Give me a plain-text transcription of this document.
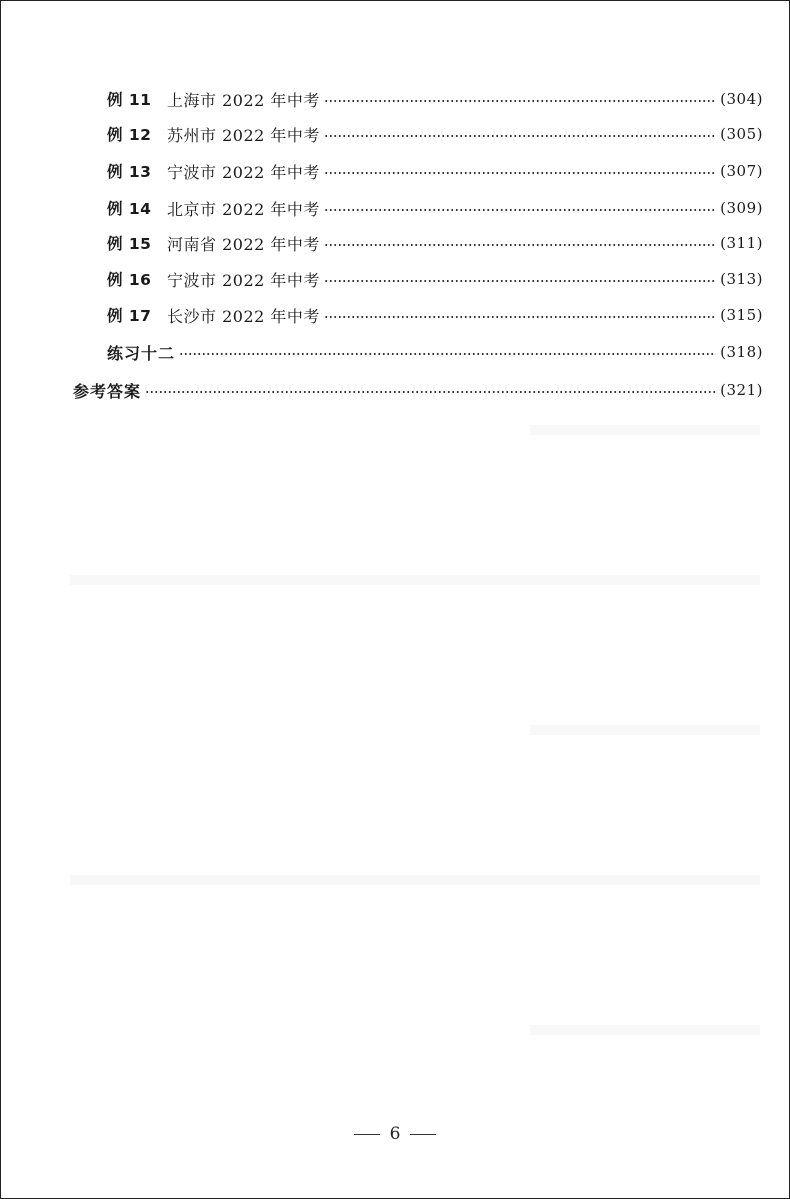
例 11 上海市 2022 年中考	(304)
例 12 苏州市 2022 年中考	(305)
例 13 宁波市 2022 年中考	(307)
例 14 北京市 2022 年中考	(309)
例 15 河南省 2022 年中考	(311)
例 16 宁波市 2022 年中考	(313)
例 17 长沙市 2022 年中考	(315)
练习十二	(318)
参考答案	(321)
6
